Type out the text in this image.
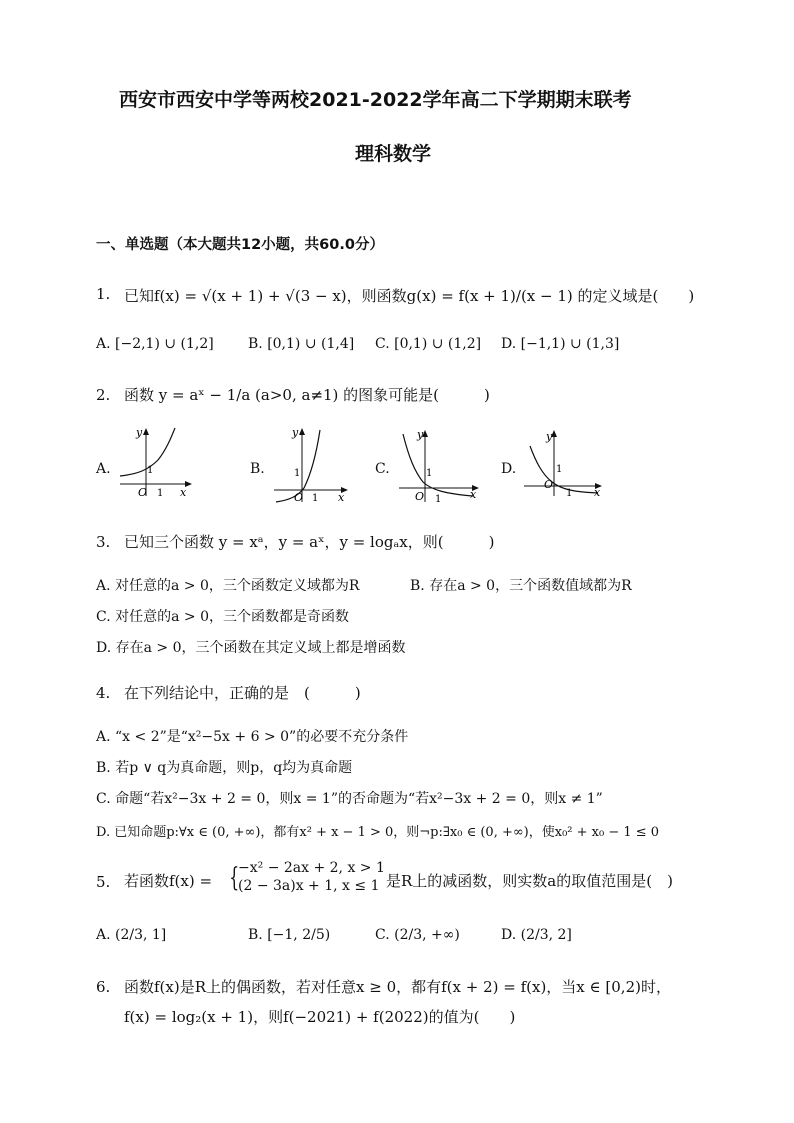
西安市西安中学等两校2021-2022学年高二下学期期末联考
理科数学
一、单选题（本大题共12小题，共60.0分）
1. 已知f(x) = √(x + 1) + √(3 − x)，则函数g(x) = f(x + 1)/(x − 1) 的定义域是(　　)
A. [−2,1) ∪ (1,2] B. [0,1) ∪ (1,4] C. [0,1) ∪ (1,2] D. [−1,1) ∪ (1,3]
2. 函数 y = aˣ − 1/a (a>0, a≠1) 的图象可能是(　　　)
A.	B.	C.	D.
y
x
O
1
1
y
x
O
1
1
y
x
O
1
1
y
x
O
1
1
3. 已知三个函数 y = xᵃ，y = aˣ，y = logₐx，则(　　　)
A. 对任意的a > 0，三个函数定义域都为R	B. 存在a > 0，三个函数值域都为R
C. 对任意的a > 0，三个函数都是奇函数
D. 存在a > 0，三个函数在其定义域上都是增函数
4. 在下列结论中，正确的是　(　　　)
A. “x < 2”是“x²−5x + 6 > 0”的必要不充分条件
B. 若p ∨ q为真命题，则p，q均为真命题
C. 命题“若x²−3x + 2 = 0，则x = 1”的否命题为“若x²−3x + 2 = 0，则x ≠ 1”
D. 已知命题p:∀x ∈ (0, +∞)，都有x² + x − 1 > 0，则¬p:∃x₀ ∈ (0, +∞)，使x₀² + x₀ − 1 ≤ 0
5. 若函数f(x) = {
−x² − 2ax + 2, x > 1
(2 − 3a)x + 1, x ≤ 1 是R上的减函数，则实数a的取值范围是(　)
A. (2/3, 1]	B. [−1, 2/5)	C. (2/3, +∞)	D. (2/3, 2]
6. 函数f(x)是R上的偶函数，若对任意x ≥ 0，都有f(x + 2) = f(x)，当x ∈ [0,2)时，
f(x) = log₂(x + 1)，则f(−2021) + f(2022)的值为(　　)
